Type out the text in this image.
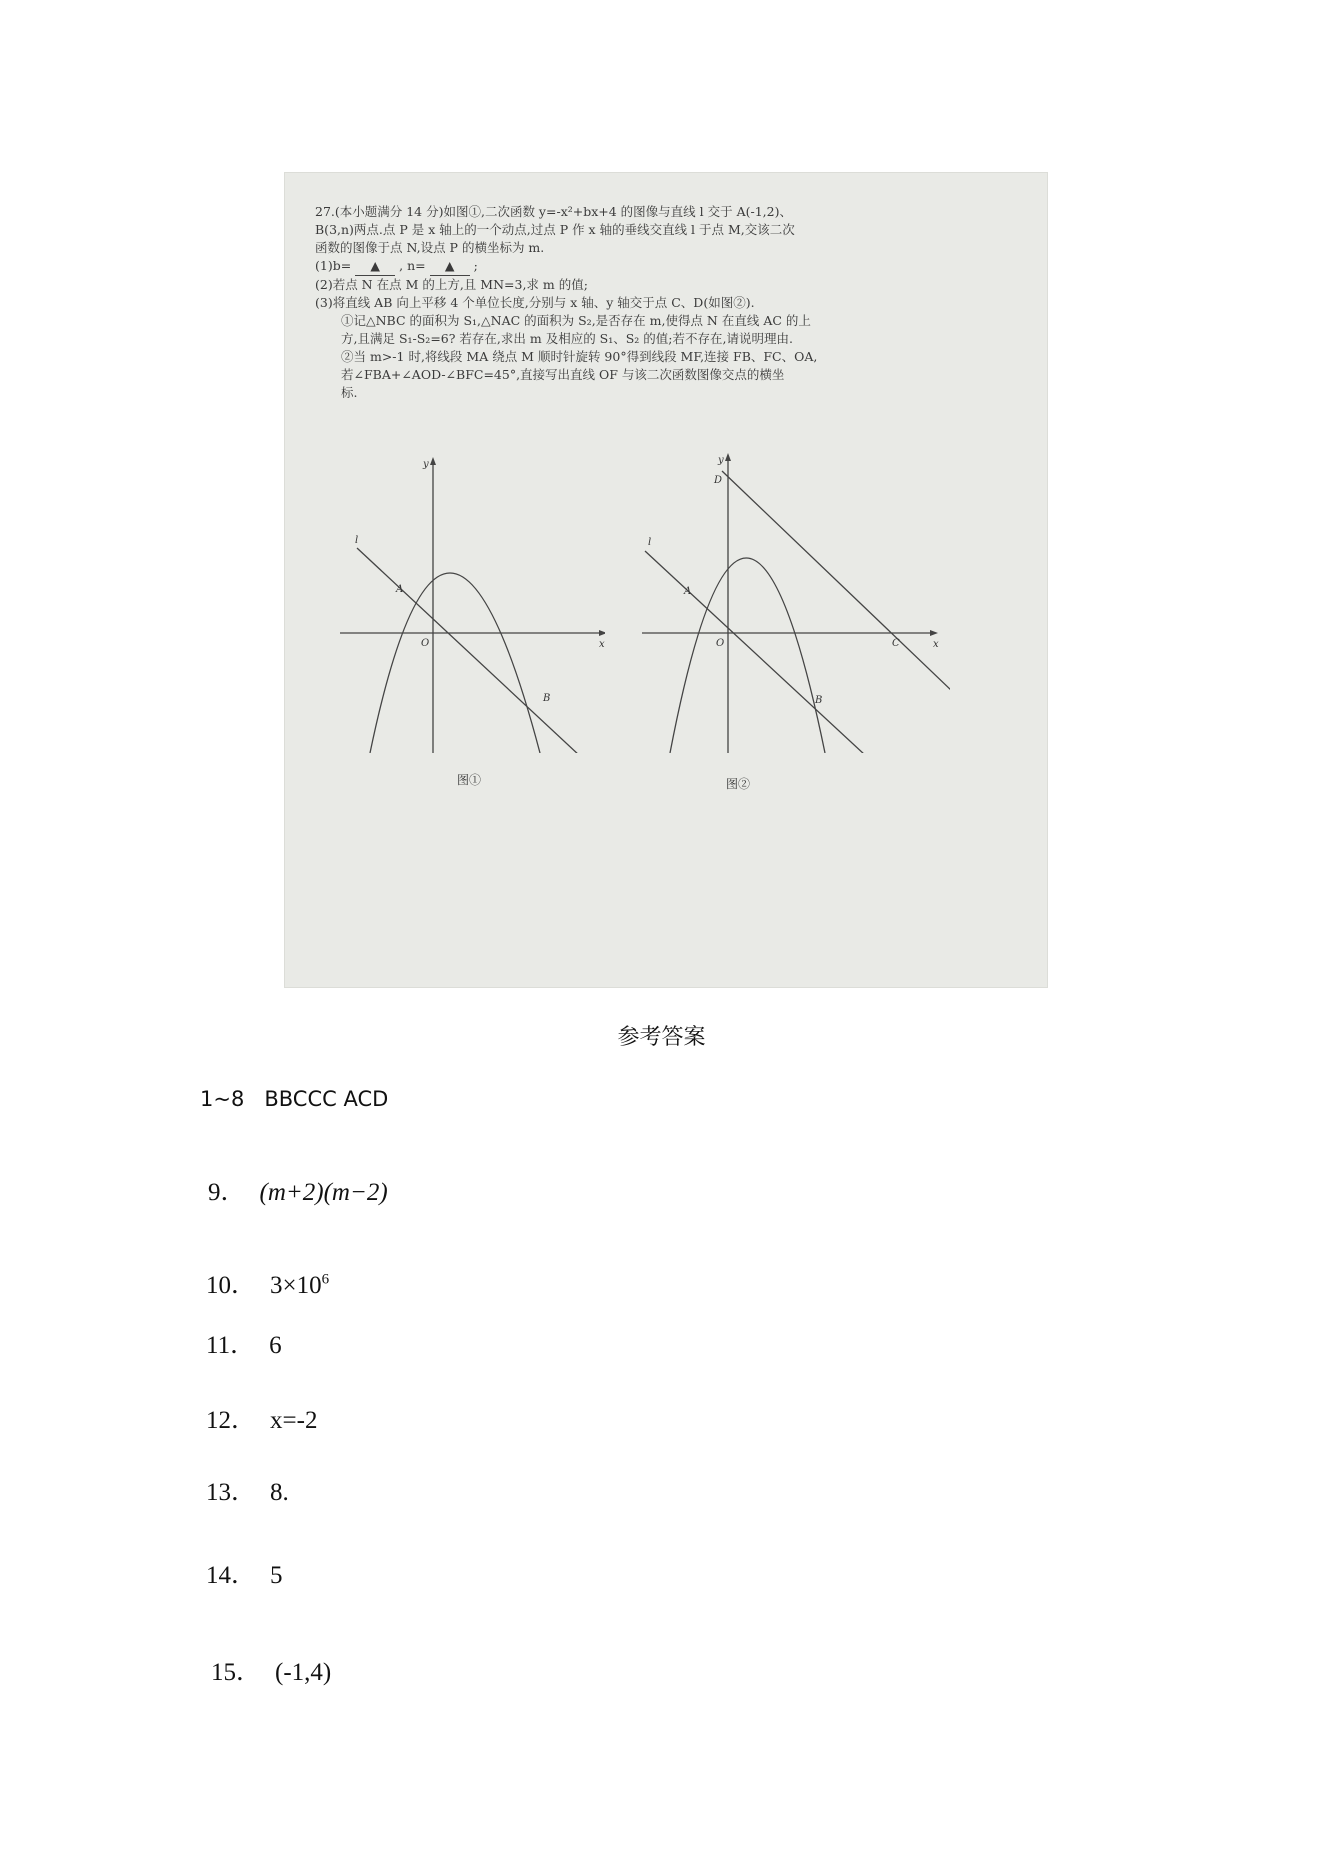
27.(本小题满分 14 分)如图①,二次函数 y=-x²+bx+4 的图像与直线 l 交于 A(-1,2)、

B(3,n)两点.点 P 是 x 轴上的一个动点,过点 P 作 x 轴的垂线交直线 l 于点 M,交该二次

函数的图像于点 N,设点 P 的横坐标为 m.

(1)b= ▲ , n= ▲ ;

(2)若点 N 在点 M 的上方,且 MN=3,求 m 的值;

(3)将直线 AB 向上平移 4 个单位长度,分别与 x 轴、y 轴交于点 C、D(如图②).

①记△NBC 的面积为 S₁,△NAC 的面积为 S₂,是否存在 m,使得点 N 在直线 AC 的上

方,且满足 S₁-S₂=6? 若存在,求出 m 及相应的 S₁、S₂ 的值;若不存在,请说明理由.

②当 m>-1 时,将线段 MA 绕点 M 顺时针旋转 90°得到线段 MF,连接 FB、FC、OA,

若∠FBA+∠AOD-∠BFC=45°,直接写出直线 OF 与该二次函数图像交点的横坐

标.

y
x
O
l
A
B
图①
y
x
O
l
A
B
C
D
图②
参考答案
1~8   BBCCC ACD
9． (m+2)(m−2)
10． $3\times 10^6$
11． 6
12． x=-2
13． 8.
14． 5
15． (-1,4)
